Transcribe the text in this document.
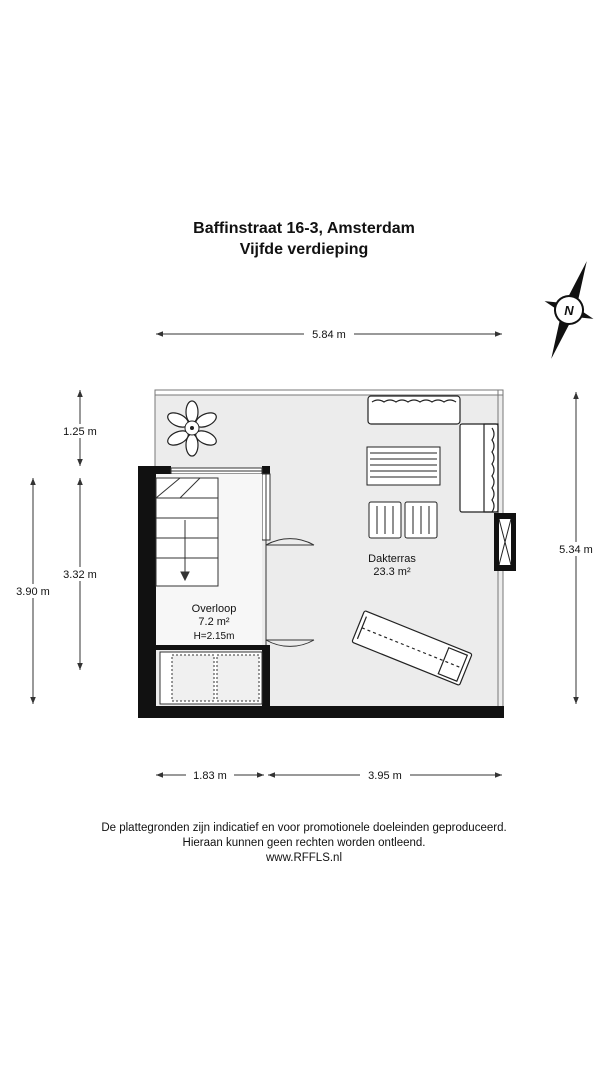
Baffinstraat 16-3, Amsterdam
Vijfde verdieping
Dakterras
23.3 m²
Overloop
7.2 m²
H=2.15m
5.84 m
1.25 m
3.32 m
3.90 m
5.34 m
1.83 m	3.95 m
N
De plattegronden zijn indicatief en voor promotionele doeleinden geproduceerd.
Hieraan kunnen geen rechten worden ontleend.
www.RFFLS.nl
